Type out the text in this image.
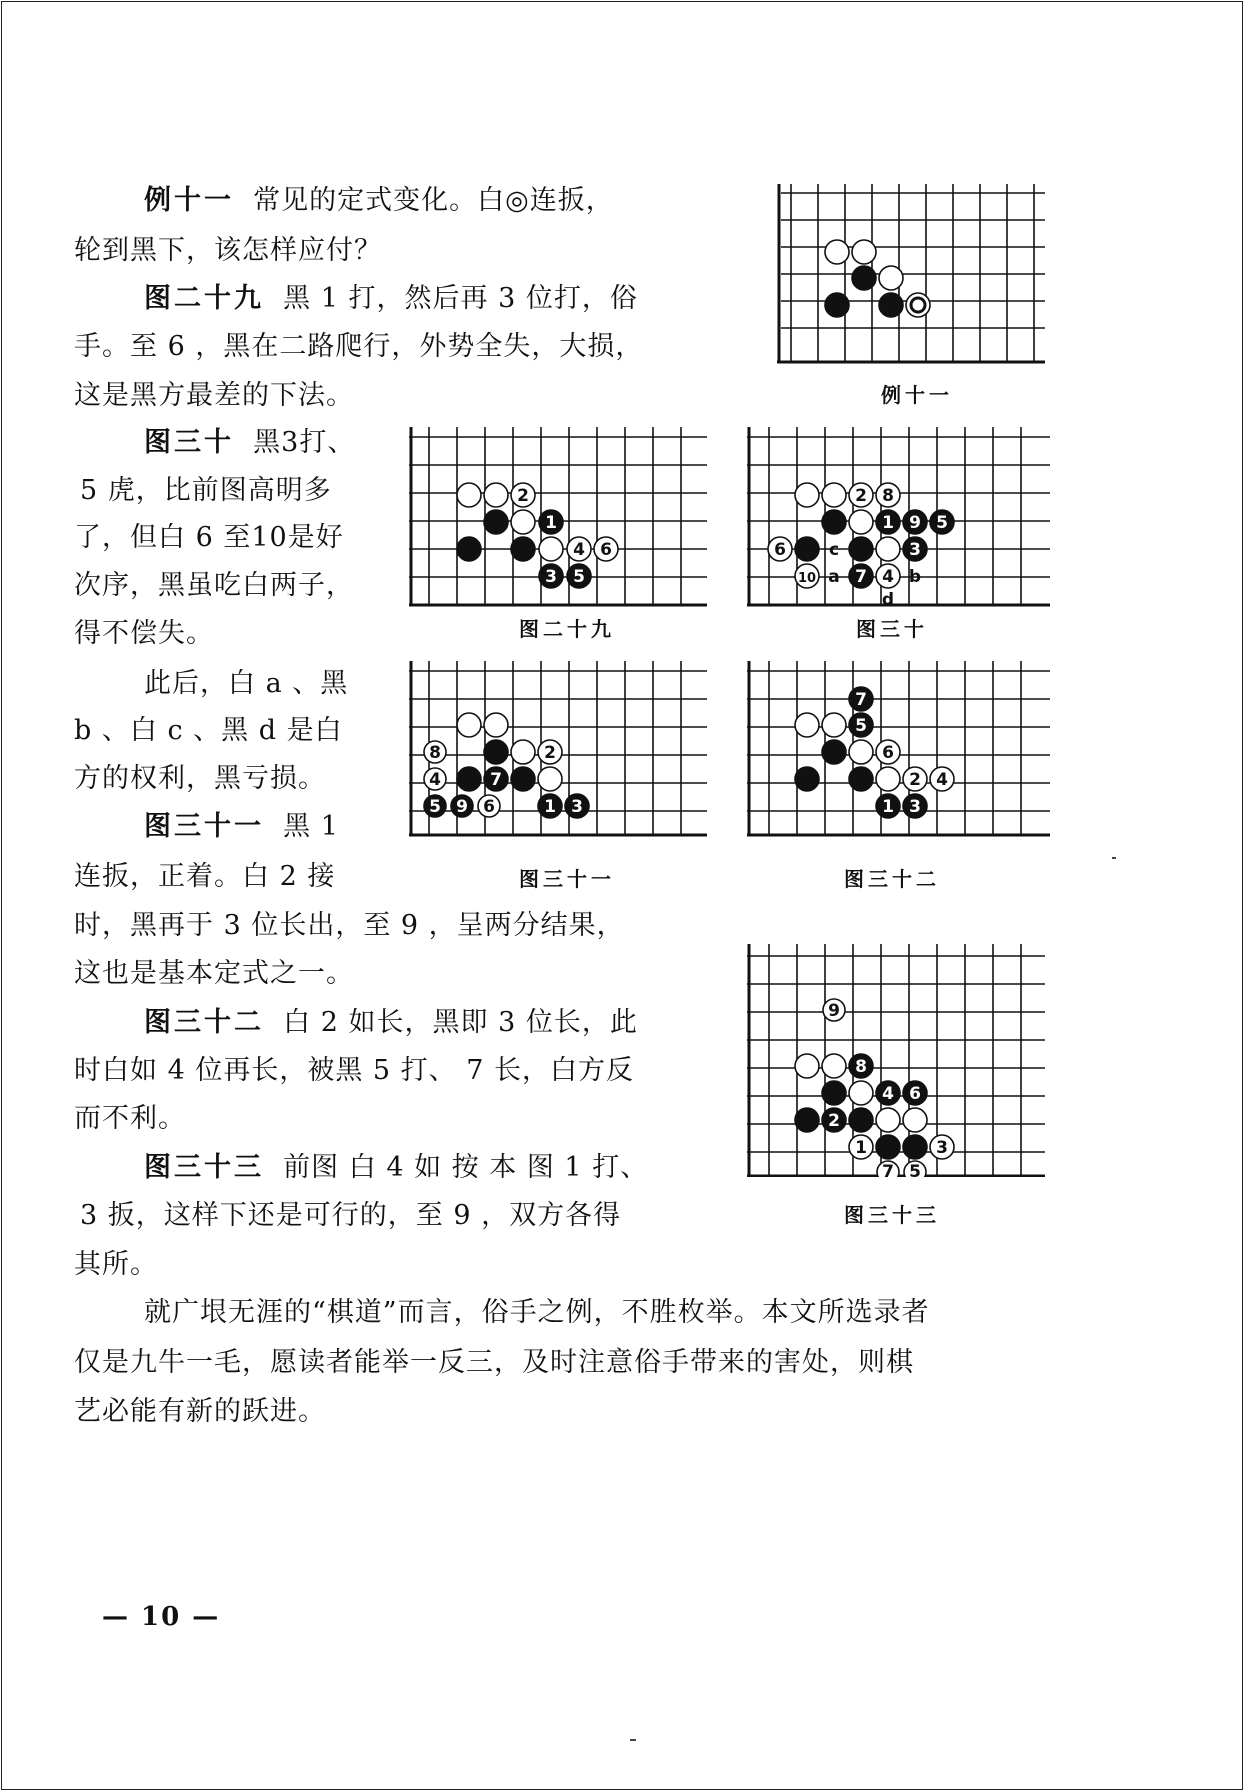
例十一 常见的定式变化。白◎连扳，
轮到黑下，该怎样应付？
图二十九 黑 1 打，然后再 3 位打，俗
手。至 6 ，黑在二路爬行，外势全失，大损，
这是黑方最差的下法。
图三十 黑3打、
5 虎，比前图高明多
了，但白 6 至10是好
次序，黑虽吃白两子，
得不偿失。
此后，白 a 、黑
b 、白 c 、黑 d 是白
方的权利，黑亏损。
图三十一 黑 1
连扳，正着。白 2 接
时，黑再于 3 位长出，至 9 ，呈两分结果，
这也是基本定式之一。
图三十二 白 2 如长，黑即 3 位长，此
时白如 4 位再长，被黑 5 打、 7 长，白方反
而不利。
图三十三 前图 白 4 如 按 本 图 1 打、
3 扳，这样下还是可行的，至 9 ，双方各得
其所。
就广垠无涯的“棋道”而言，俗手之例，不胜枚举。本文所选录者
仅是九牛一毛，愿读者能举一反三，及时注意俗手带来的害处，则棋
艺必能有新的跃进。
2
1
4 6
3 5
2 8
1 9 5
6	c	3
10 a 7 4 b
d
8	2
4	7
5 9 6	1 3
7
5
6
2 4
1 3
9
8
4 6
2
1	3
7 5
例十一
图二十九	图三十
图三十一	图三十二
图三十三
— 10 —
